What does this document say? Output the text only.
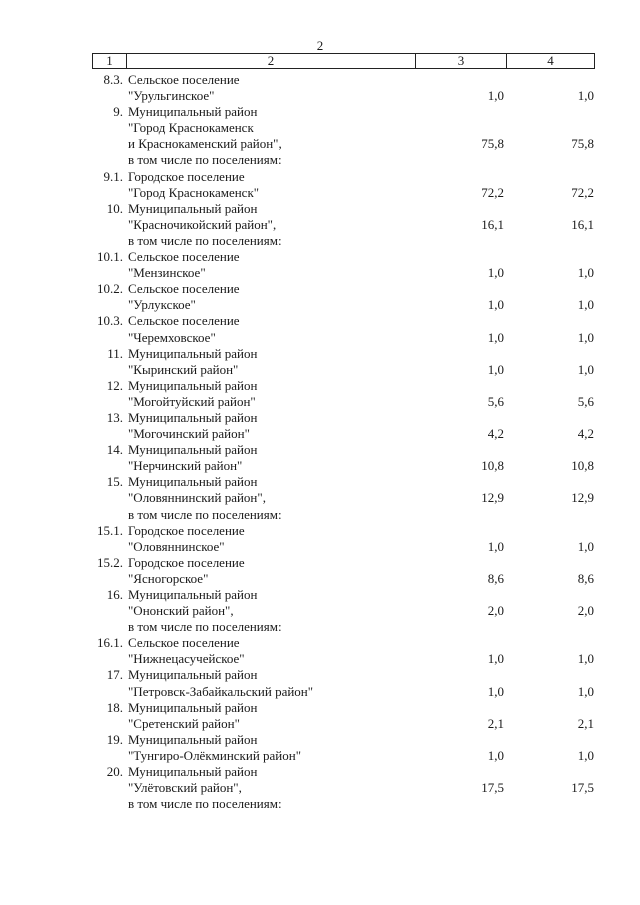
2
1	2	3	4
8.3. Сельское поселение
"Урульгинское"	1,0	1,0
9. Муниципальный район
"Город Краснокаменск
и Краснокаменский район",
в том числе по поселениям:
75,8	75,8
9.1. Городское поселение
"Город Краснокаменск"	72,2	72,2
10. Муниципальный район
"Красночикойский район",
в том числе по поселениям:
16,1	16,1
10.1. Сельское поселение
"Мензинское"	1,0	1,0
10.2. Сельское поселение
"Урлукское"	1,0	1,0
10.3. Сельское поселение
"Черемховское"	1,0	1,0
11. Муниципальный район
"Кыринский район"	1,0	1,0
12. Муниципальный район
"Могойтуйский район"	5,6	5,6
13. Муниципальный район
"Могочинский район"	4,2	4,2
14. Муниципальный район
"Нерчинский район"	10,8	10,8
15. Муниципальный район
"Оловяннинский район",
в том числе по поселениям:
12,9	12,9
15.1. Городское поселение
"Оловяннинское"	1,0	1,0
15.2. Городское поселение
"Ясногорское"	8,6	8,6
16. Муниципальный район
"Ононский район",
в том числе по поселениям:
2,0	2,0
16.1. Сельское поселение
"Нижнецасучейское"	1,0	1,0
17. Муниципальный район
"Петровск-Забайкальский район"	1,0	1,0
18. Муниципальный район
"Сретенский район"	2,1	2,1
19. Муниципальный район
"Тунгиро-Олёкминский район"	1,0	1,0
20. Муниципальный район
"Улётовский район",
в том числе по поселениям:
17,5	17,5
